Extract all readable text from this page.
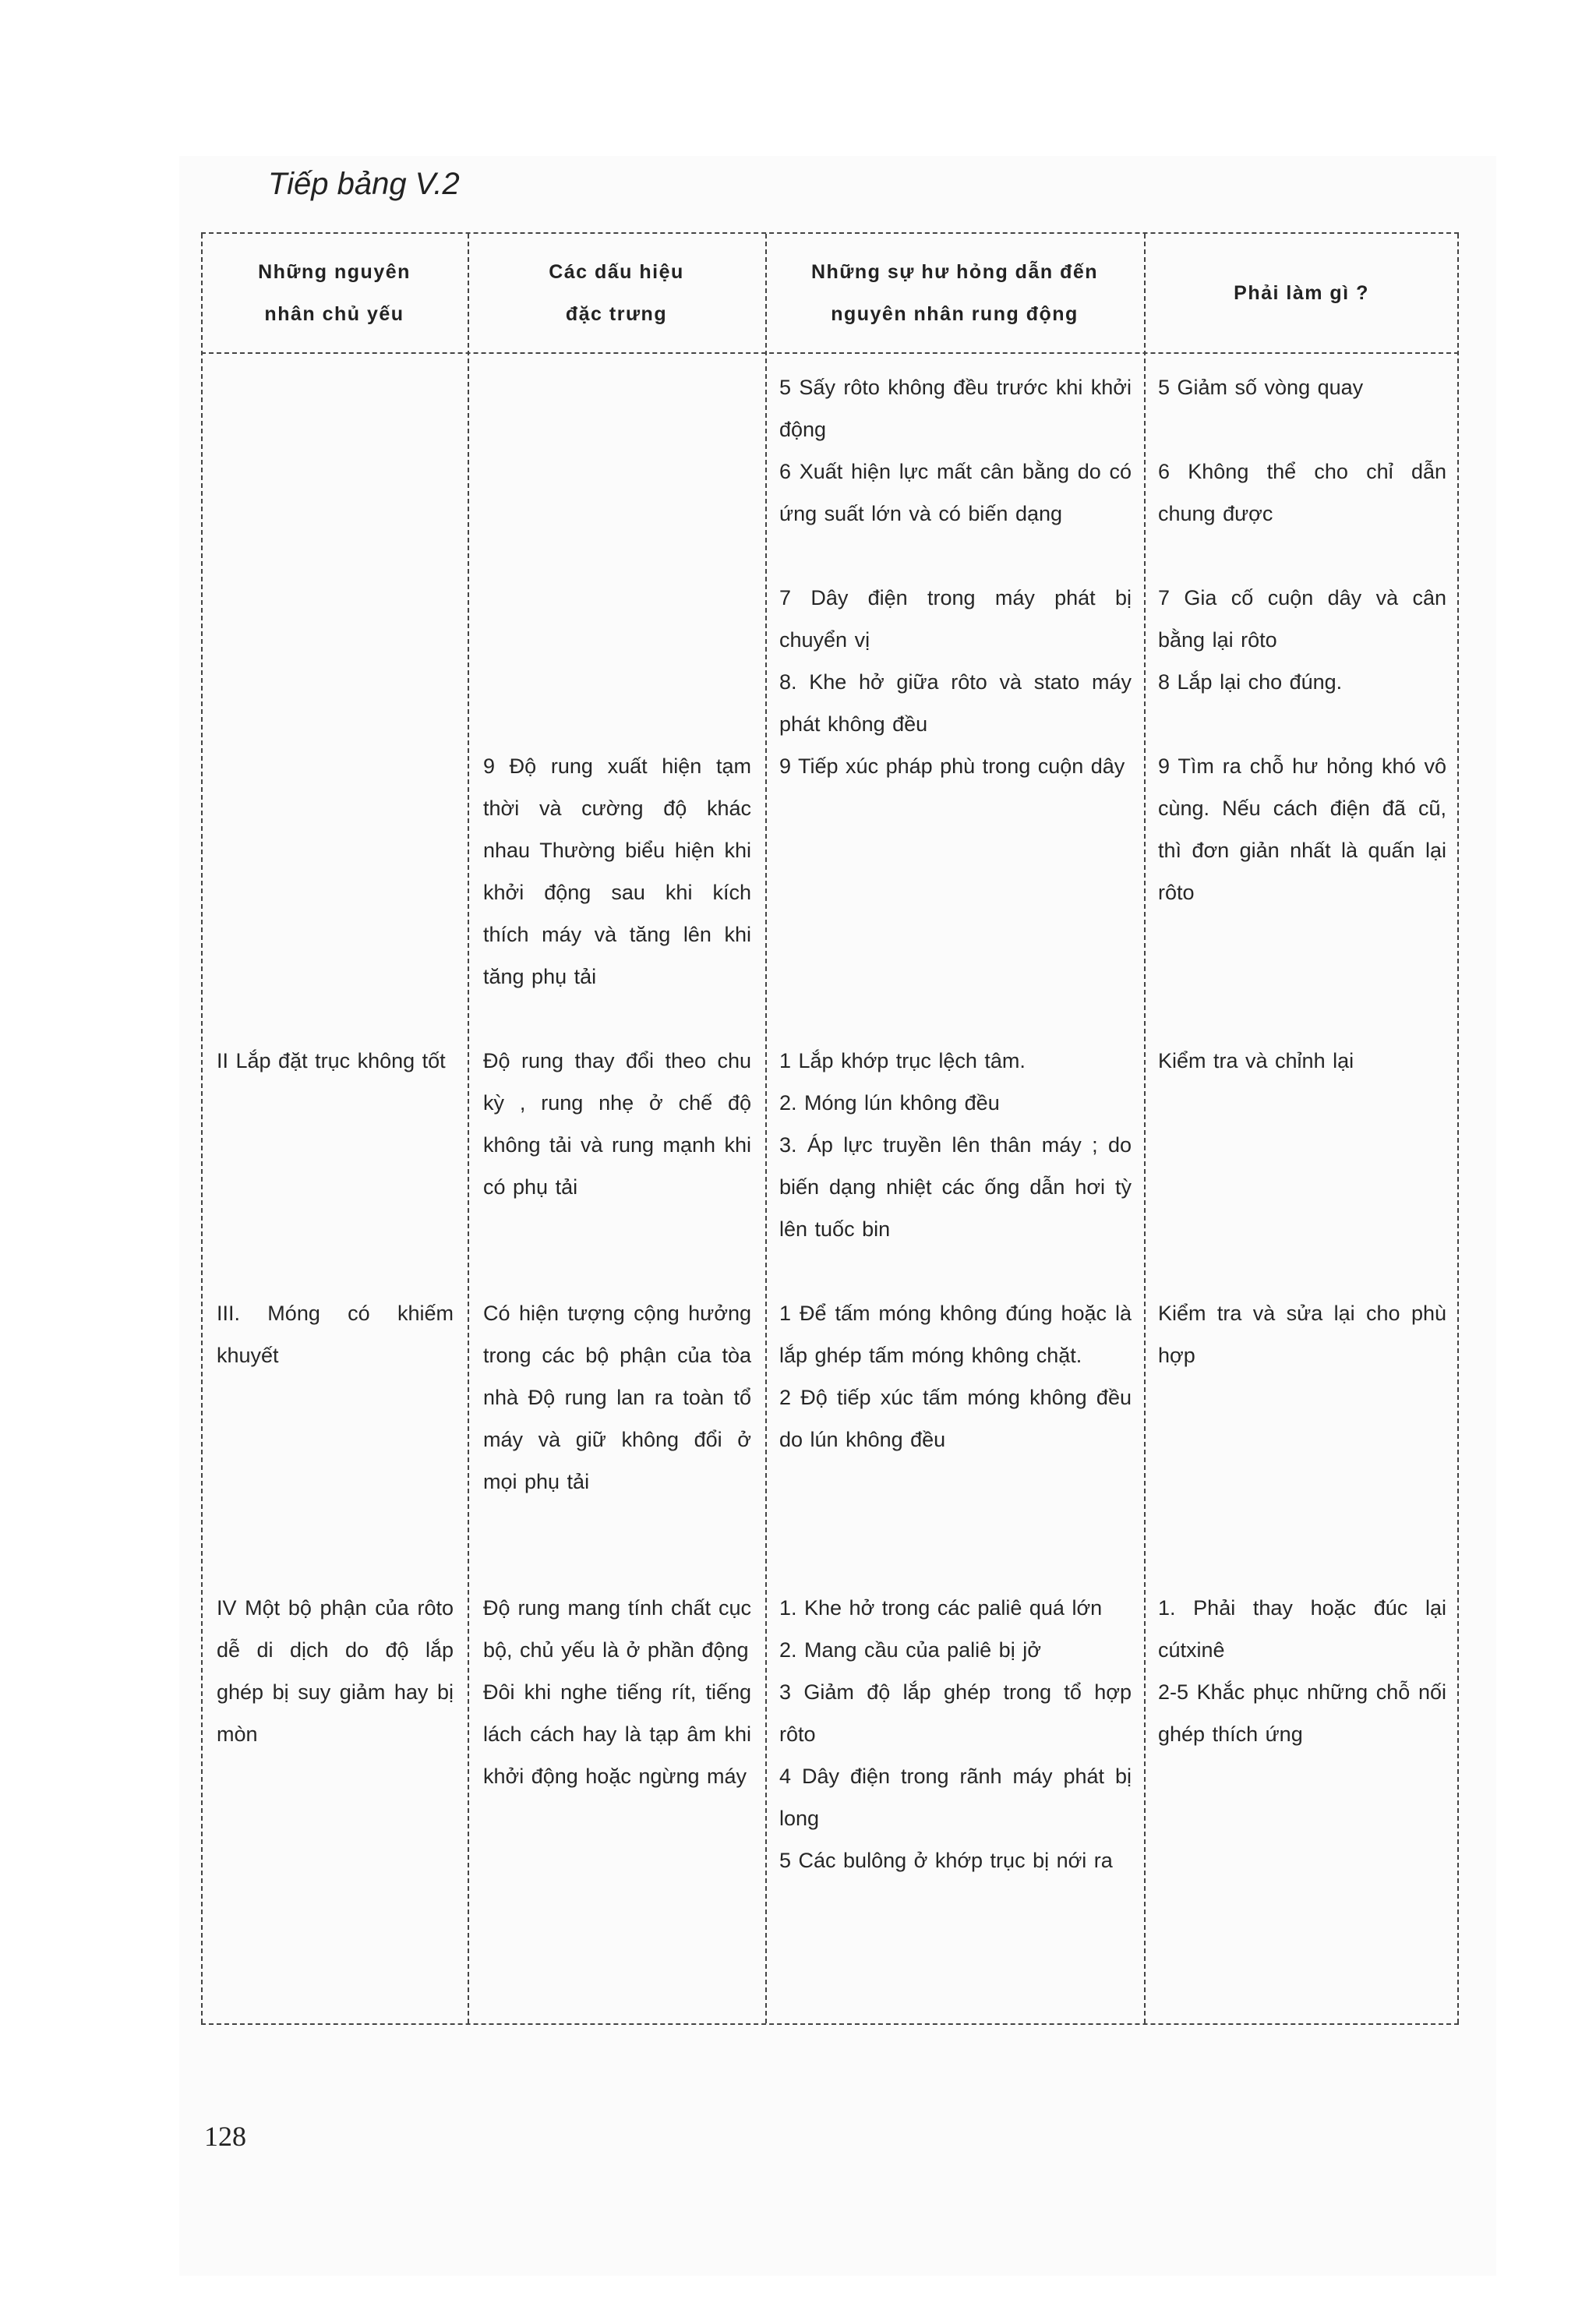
Tiếp bảng V.2
Những nguyên
nhân chủ yếu
Các dấu hiệu
đặc trưng
Những sự hư hỏng dẫn đến
nguyên nhân rung động
Phải làm gì ?
5 Sấy rôto không đều trước khi khởi động
5 Giảm số vòng quay
6 Xuất hiện lực mất cân bằng do có ứng suất lớn và có biến dạng
6 Không thể cho chỉ dẫn chung được
7 Dây điện trong máy phát bị chuyển vị
7 Gia cố cuộn dây và cân bằng lại rôto
8. Khe hở giữa rôto và stato máy phát không đều
8 Lắp lại cho đúng.
9 Độ rung xuất hiện tạm thời và cường độ khác nhau Thường biểu hiện khi khởi động sau khi kích thích máy và tăng lên khi tăng phụ tải
9 Tiếp xúc pháp phù trong cuộn dây	9 Tìm ra chỗ hư hỏng khó vô cùng. Nếu cách điện đã cũ, thì đơn giản nhất là quấn lại rôto
II Lắp đặt trục không tốt	Độ rung thay đổi theo chu kỳ , rung nhẹ ở chế độ không tải và rung mạnh khi có phụ tải
1 Lắp khớp trục lệch tâm.
2. Móng lún không đều
3. Áp lực truyền lên thân máy ; do biến dạng nhiệt các ống dẫn hơi tỳ lên tuốc bin
Kiểm tra và chỉnh lại
III. Móng có khiếm khuyết
Có hiện tượng cộng hưởng trong các bộ phận của tòa nhà Độ rung lan ra toàn tổ máy và giữ không đổi ở mọi phụ tải
1 Để tấm móng không đúng hoặc là lắp ghép tấm móng không chặt.
2 Độ tiếp xúc tấm móng không đều do lún không đều
Kiểm tra và sửa lại cho phù hợp
IV Một bộ phận của rôto dễ di dịch do độ lắp ghép bị suy giảm hay bị mòn
Độ rung mang tính chất cục bộ, chủ yếu là ở phần động
Đôi khi nghe tiếng rít, tiếng lách cách hay là tạp âm khi khởi động hoặc ngừng máy
1. Khe hở trong các paliê quá lớn
2. Mang cầu của paliê bị jở
3 Giảm độ lắp ghép trong tổ hợp rôto
4 Dây điện trong rãnh máy phát bị long
5 Các bulông ở khớp trục bị nới ra
1. Phải thay hoặc đúc lại cútxinê
2-5 Khắc phục những chỗ nối ghép thích ứng
128
